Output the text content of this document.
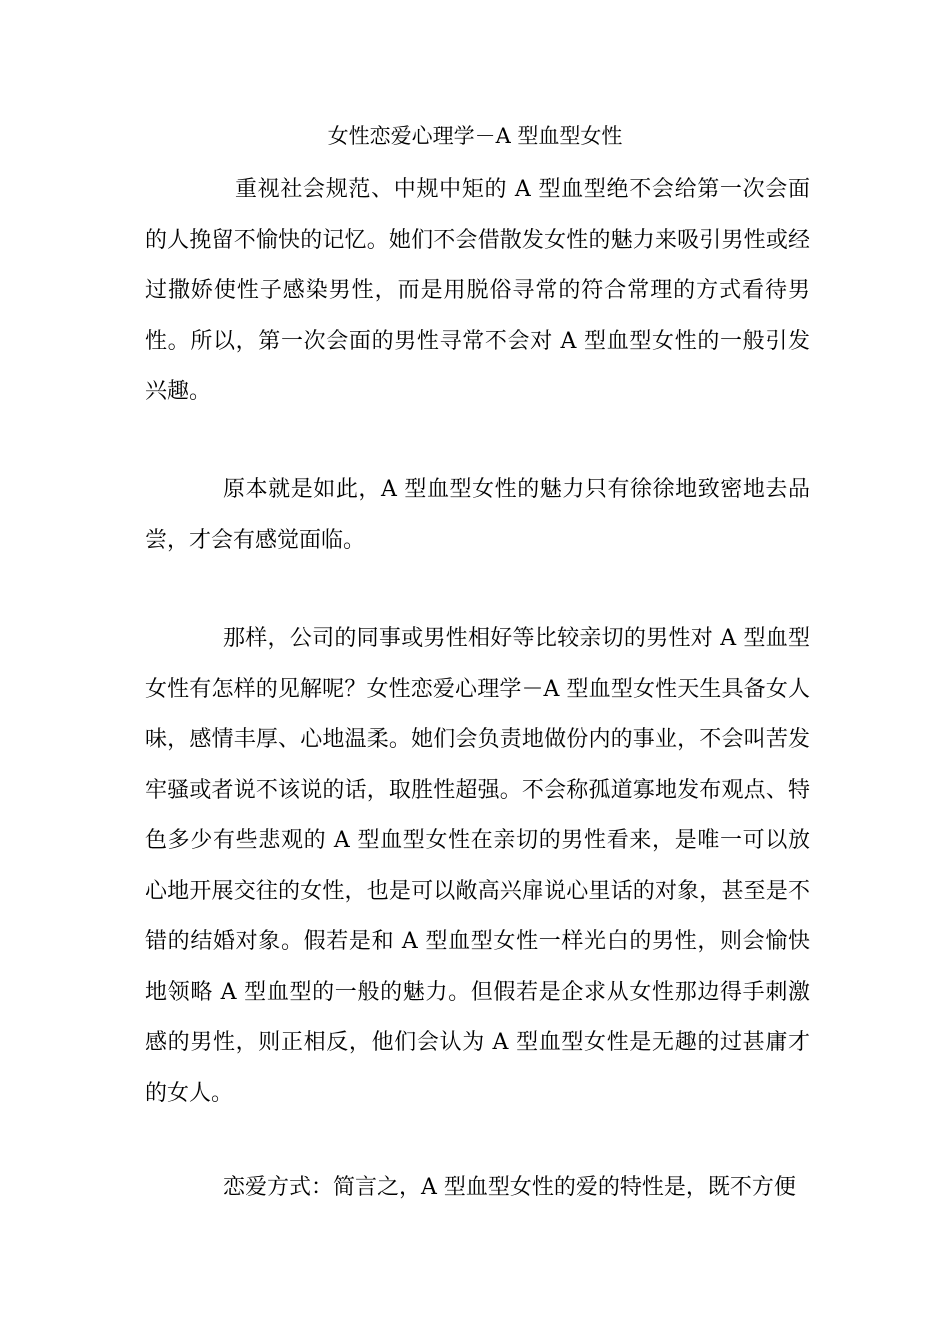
女性恋爱心理学－A 型血型女性

重视社会规范、中规中矩的 A 型血型绝不会给第一次会面的人挽留不愉快的记忆。她们不会借散发女性的魅力来吸引男性或经过撒娇使性子感染男性，而是用脱俗寻常的符合常理的方式看待男性。所以，第一次会面的男性寻常不会对 A 型血型女性的一般引发兴趣。

原本就是如此，A 型血型女性的魅力只有徐徐地致密地去品尝，才会有感觉面临。

那样，公司的同事或男性相好等比较亲切的男性对 A 型血型女性有怎样的见解呢？女性恋爱心理学－A 型血型女性天生具备女人味，感情丰厚、心地温柔。她们会负责地做份内的事业，不会叫苦发牢骚或者说不该说的话，取胜性超强。不会称孤道寡地发布观点、特色多少有些悲观的 A 型血型女性在亲切的男性看来，是唯一可以放心地开展交往的女性，也是可以敞高兴扉说心里话的对象，甚至是不错的结婚对象。假若是和 A 型血型女性一样光白的男性，则会愉快地领略 A 型血型的一般的魅力。但假若是企求从女性那边得手刺激感的男性，则正相反，他们会认为 A 型血型女性是无趣的过甚庸才的女人。

恋爱方式：简言之，A 型血型女性的爱的特性是，既不方便
